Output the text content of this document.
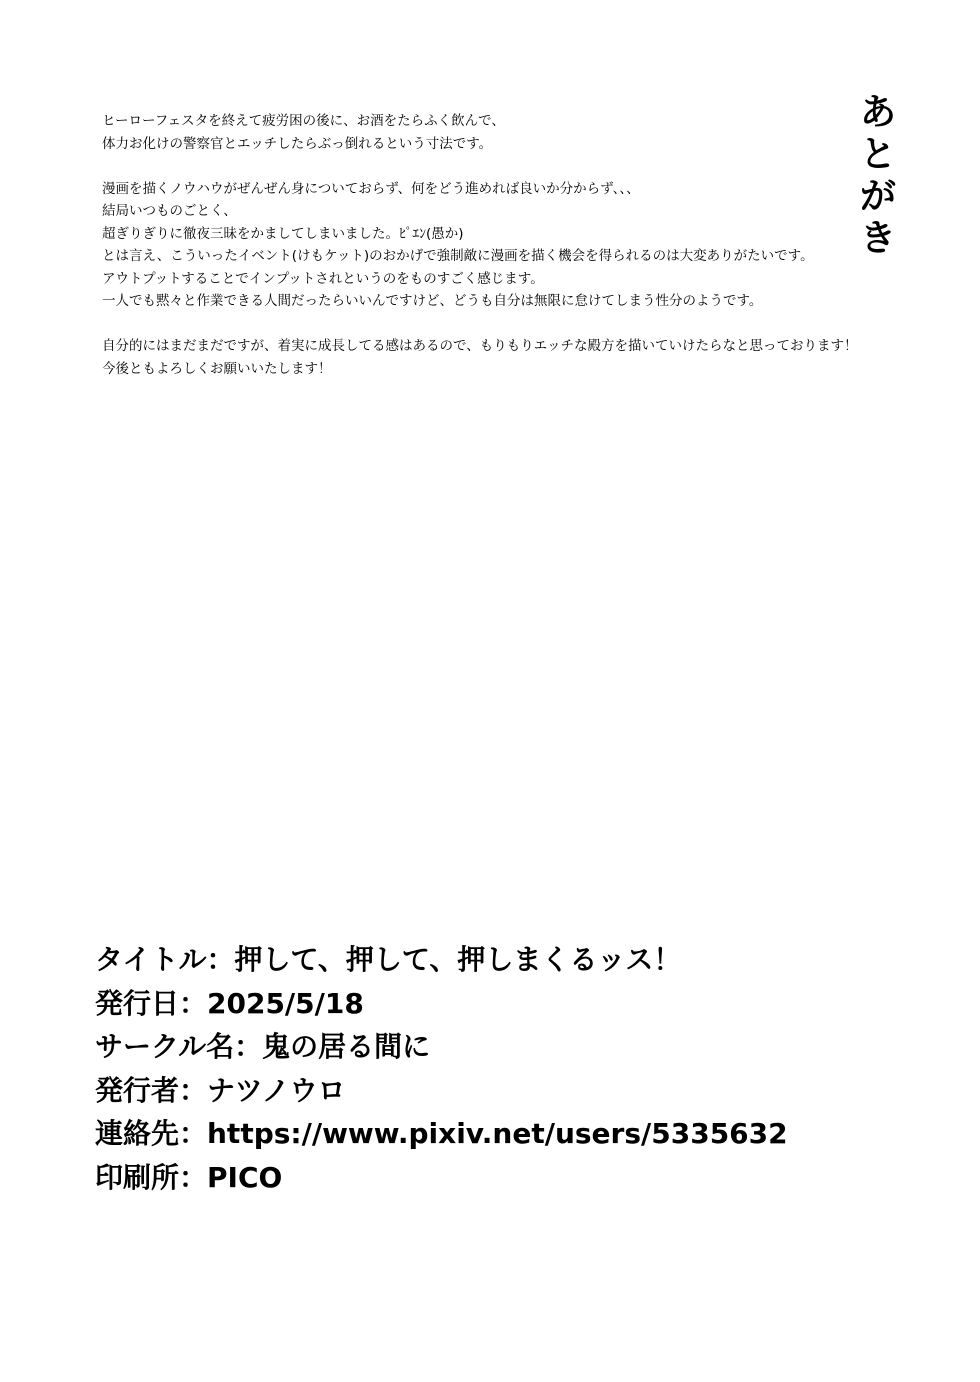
あ
と
が
き

ヒーローフェスタを終えて疲労困の後に、お酒をたらふく飲んで、

体力お化けの警察官とエッチしたらぶっ倒れるという寸法です。

漫画を描くノウハウがぜんぜん身についておらず、何をどう進めれば良いか分からず、、、

結局いつものごとく、

超ぎりぎりに徹夜三昧をかましてしまいました。ﾋﾟｴﾝ(愚か)

とは言え、こういったイベント(けもケット)のおかげで強制敵に漫画を描く機会を得られるのは大変ありがたいです。

アウトプットすることでインプットされというのをものすごく感じます。

一人でも黙々と作業できる人間だったらいいんですけど、どうも自分は無限に怠けてしまう性分のようです。

自分的にはまだまだですが、着実に成長してる感はあるので、もりもりエッチな殿方を描いていけたらなと思っております！

今後ともよろしくお願いいたします！

タイトル：押して、押して、押しまくるッス！

発行日：2025/5/18

サークル名：鬼の居る間に

発行者：ナツノウロ

連絡先：https://www.pixiv.net/users/5335632

印刷所：PICO
